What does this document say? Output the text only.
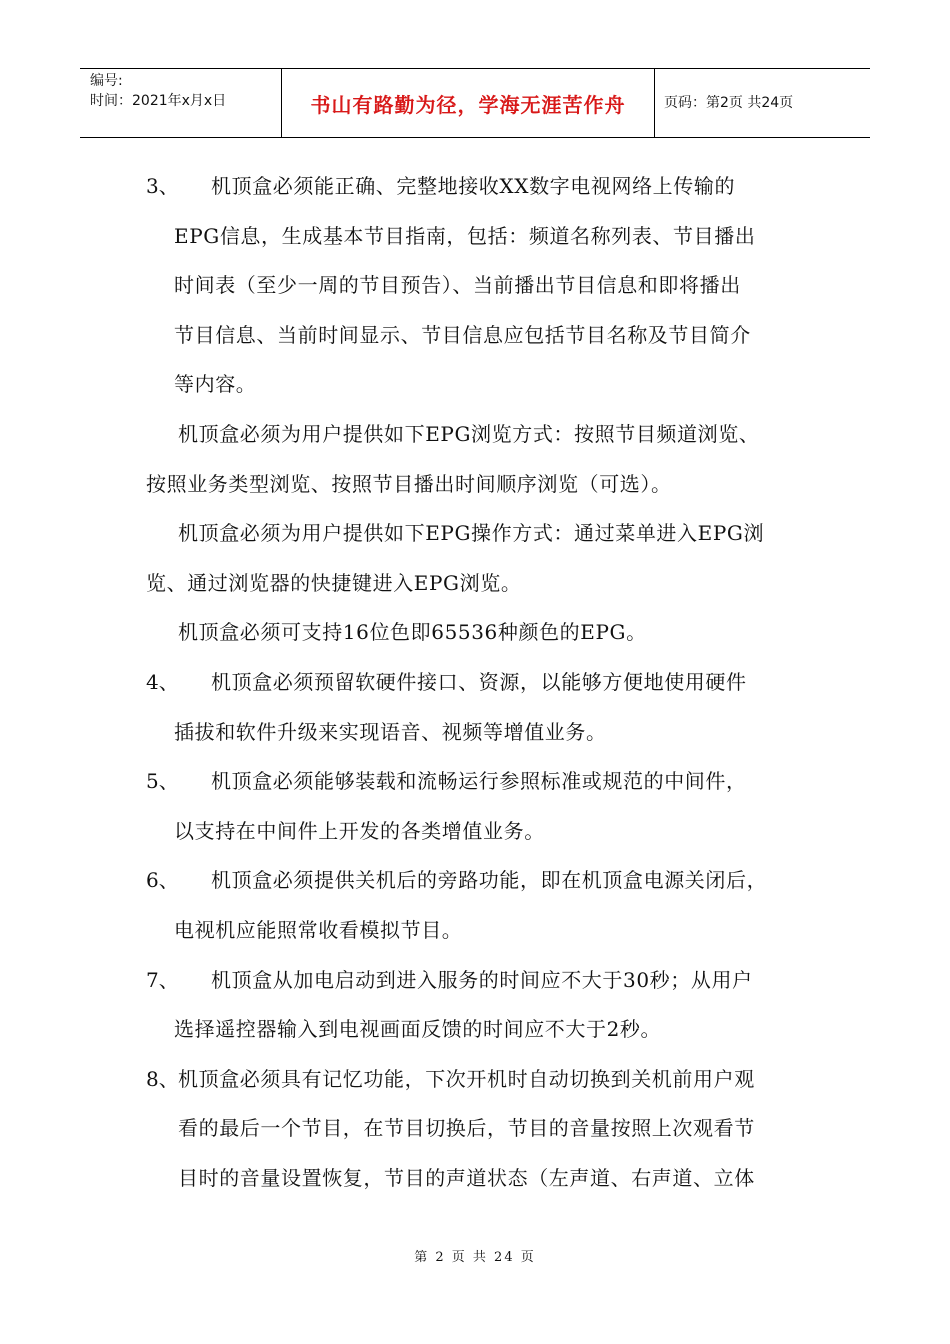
编号:
时间：2021年x月x日	书山有路勤为径，学海无涯苦作舟	页码：第2页 共24页
3、 机顶盒必须能正确、完整地接收XX数字电视网络上传输的
EPG信息，生成基本节目指南，包括：频道名称列表、节目播出
时间表（至少一周的节目预告）、当前播出节目信息和即将播出
节目信息、当前时间显示、节目信息应包括节目名称及节目简介
等内容。
机顶盒必须为用户提供如下EPG浏览方式：按照节目频道浏览、
按照业务类型浏览、按照节目播出时间顺序浏览（可选）。
机顶盒必须为用户提供如下EPG操作方式：通过菜单进入EPG浏
览、通过浏览器的快捷键进入EPG浏览。
机顶盒必须可支持16位色即65536种颜色的EPG。
4、 机顶盒必须预留软硬件接口、资源，以能够方便地使用硬件
插拔和软件升级来实现语音、视频等增值业务。
5、 机顶盒必须能够装载和流畅运行参照标准或规范的中间件，
以支持在中间件上开发的各类增值业务。
6、 机顶盒必须提供关机后的旁路功能，即在机顶盒电源关闭后，
电视机应能照常收看模拟节目。
7、 机顶盒从加电启动到进入服务的时间应不大于30秒；从用户
选择遥控器输入到电视画面反馈的时间应不大于2秒。
8、 机顶盒必须具有记忆功能，下次开机时自动切换到关机前用户观
看的最后一个节目，在节目切换后，节目的音量按照上次观看节
目时的音量设置恢复，节目的声道状态（左声道、右声道、立体
第 2 页 共 24 页
